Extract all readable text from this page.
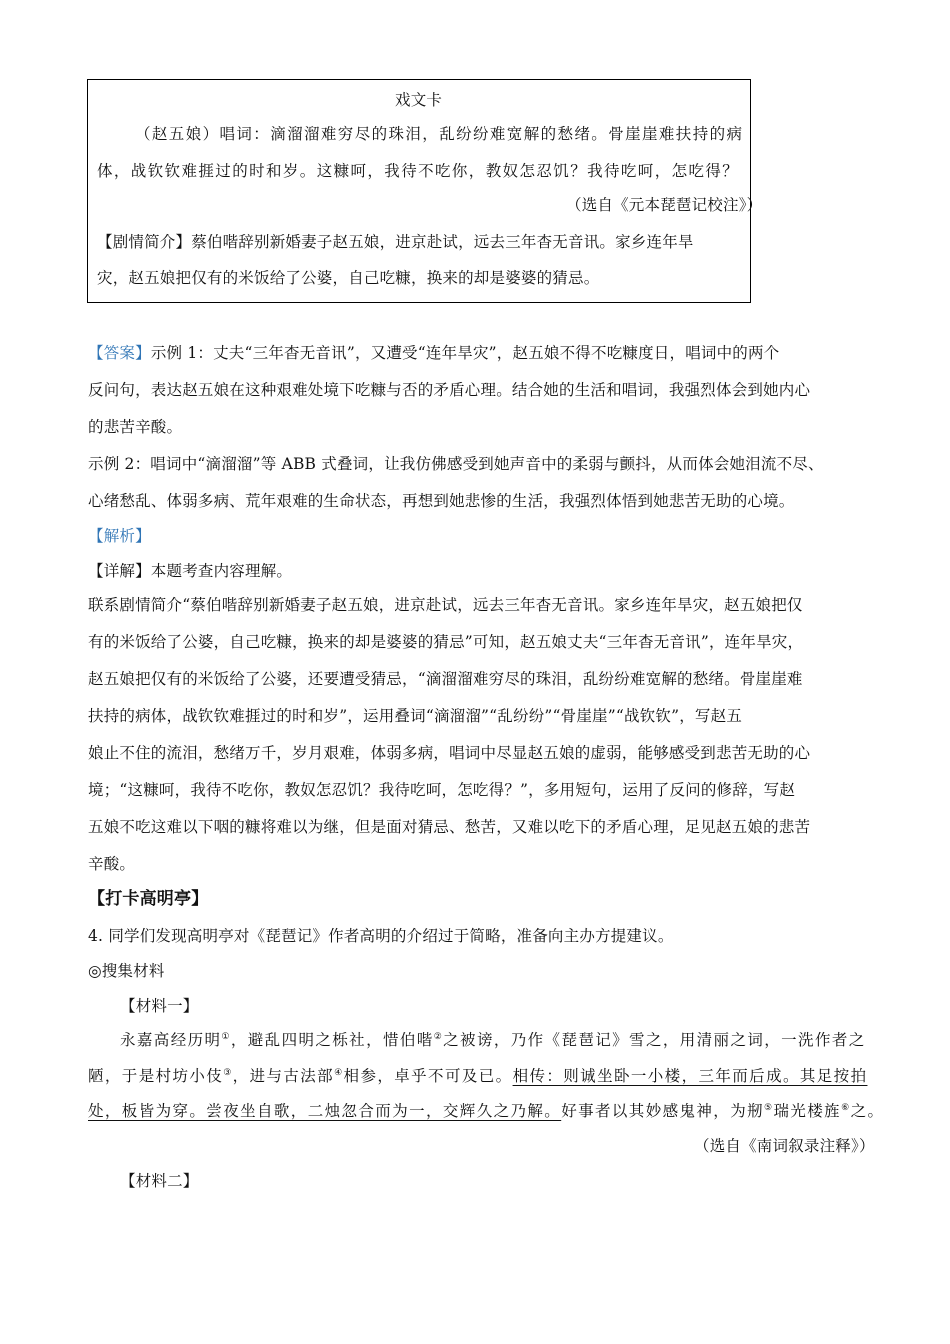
戏文卡
（赵五娘）唱词：滴溜溜难穷尽的珠泪，乱纷纷难宽解的愁绪。骨崖崖难扶持的病
体，战钦钦难捱过的时和岁。这糠呵，我待不吃你，教奴怎忍饥？我待吃呵，怎吃得？
（选自《元本琵琶记校注》）
【剧情简介】蔡伯喈辞别新婚妻子赵五娘，进京赴试，远去三年杳无音讯。家乡连年旱
灾，赵五娘把仅有的米饭给了公婆，自己吃糠，换来的却是婆婆的猜忌。
【答案】示例 1：丈夫“三年杳无音讯”，又遭受“连年旱灾”，赵五娘不得不吃糠度日，唱词中的两个
反问句，表达赵五娘在这种艰难处境下吃糠与否的矛盾心理。结合她的生活和唱词，我强烈体会到她内心
的悲苦辛酸。
示例 2：唱词中“滴溜溜”等 ABB 式叠词，让我仿佛感受到她声音中的柔弱与颤抖，从而体会她泪流不尽、
心绪愁乱、体弱多病、荒年艰难的生命状态，再想到她悲惨的生活，我强烈体悟到她悲苦无助的心境。
【解析】
【详解】本题考查内容理解。
联系剧情简介“蔡伯喈辞别新婚妻子赵五娘，进京赴试，远去三年杳无音讯。家乡连年旱灾，赵五娘把仅
有的米饭给了公婆，自己吃糠，换来的却是婆婆的猜忌”可知，赵五娘丈夫“三年杳无音讯”，连年旱灾，
赵五娘把仅有的米饭给了公婆，还要遭受猜忌，“滴溜溜难穷尽的珠泪，乱纷纷难宽解的愁绪。骨崖崖难
扶持的病体，战钦钦难捱过的时和岁”，运用叠词“滴溜溜”“乱纷纷”“骨崖崖”“战钦钦”，写赵五
娘止不住的流泪，愁绪万千，岁月艰难，体弱多病，唱词中尽显赵五娘的虚弱，能够感受到悲苦无助的心
境；“这糠呵，我待不吃你，教奴怎忍饥？我待吃呵，怎吃得？”，多用短句，运用了反问的修辞，写赵
五娘不吃这难以下咽的糠将难以为继，但是面对猜忌、愁苦，又难以吃下的矛盾心理，足见赵五娘的悲苦
辛酸。
【打卡高明亭】
4. 同学们发现高明亭对《琵琶记》作者高明的介绍过于简略，准备向主办方提建议。
◎搜集材料
【材料一】
永嘉高经历明①，避乱四明之栎社，惜伯喈②之被谤，乃作《琵琶记》雪之，用清丽之词，一洗作者之
陋，于是村坊小伎③，进与古法部④相参，卓乎不可及已。相传：则诚坐卧一小楼，三年而后成。其足按拍
处，板皆为穿。尝夜坐自歌，二烛忽合而为一，交辉久之乃解。好事者以其妙感鬼神，为剏⑤瑞光楼旌⑥之。
（选自《南词叙录注释》）
【材料二】
